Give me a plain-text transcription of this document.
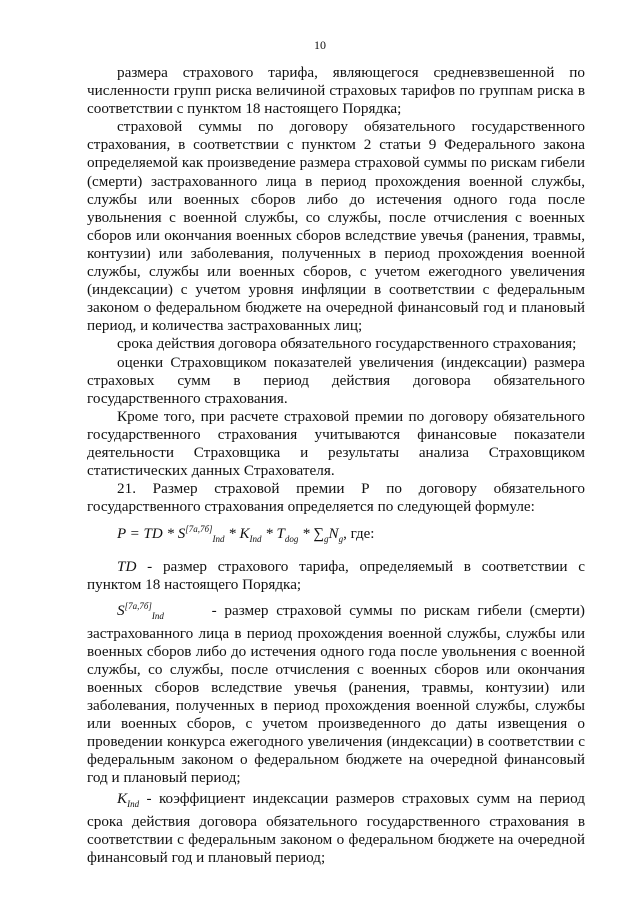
10

размера страхового тарифа, являющегося средневзвешенной по численности групп риска величиной страховых тарифов по группам риска в соответствии с пунктом 18 настоящего Порядка;

страховой суммы по договору обязательного государственного страхования, в соответствии с пунктом 2 статьи 9 Федерального закона определяемой как произведение размера страховой суммы по рискам гибели (смерти) застрахованного лица в период прохождения военной службы, службы или военных сборов либо до истечения одного года после увольнения с военной службы, со службы, после отчисления с военных сборов или окончания военных сборов вследствие увечья (ранения, травмы, контузии) или заболевания, полученных в период прохождения военной службы, службы или военных сборов, с учетом ежегодного увеличения (индексации) с учетом уровня инфляции в соответствии с федеральным законом о федеральном бюджете на очередной финансовый год и плановый период, и количества застрахованных лиц;

срока действия договора обязательного государственного страхования;

оценки Страховщиком показателей увеличения (индексации) размера страховых сумм в период действия договора обязательного государственного страхования.

Кроме того, при расчете страховой премии по договору обязательного государственного страхования учитываются финансовые показатели деятельности Страховщика и результаты анализа Страховщиком статистических данных Страхователя.

21. Размер страховой премии Р по договору обязательного государственного страхования определяется по следующей формуле:

P = TD * $S[7а,7б]_{Ind} * K_{Ind} * T_{dog} * \sum_gN_g$, где:

TD - размер страхового тарифа, определяемый в соответствии с пунктом 18 настоящего Порядка;

$S[7а,7б]_{Ind}$	- размер страховой суммы по рискам гибели (смерти) застрахованного лица в период прохождения военной службы, службы или военных сборов либо до истечения одного года после увольнения с военной службы, со службы, после отчисления с военных сборов или окончания военных сборов вследствие увечья (ранения, травмы, контузии) или заболевания, полученных в период прохождения военной службы, службы или военных сборов, с учетом произведенного до даты извещения о проведении конкурса ежегодного увеличения (индексации) в соответствии с федеральным законом о федеральном бюджете на очередной финансовый год и плановый период;

$K_{Ind}$ - коэффициент индексации размеров страховых сумм на период срока действия договора обязательного государственного страхования в соответствии с федеральным законом о федеральном бюджете на очередной финансовый год и плановый период;
